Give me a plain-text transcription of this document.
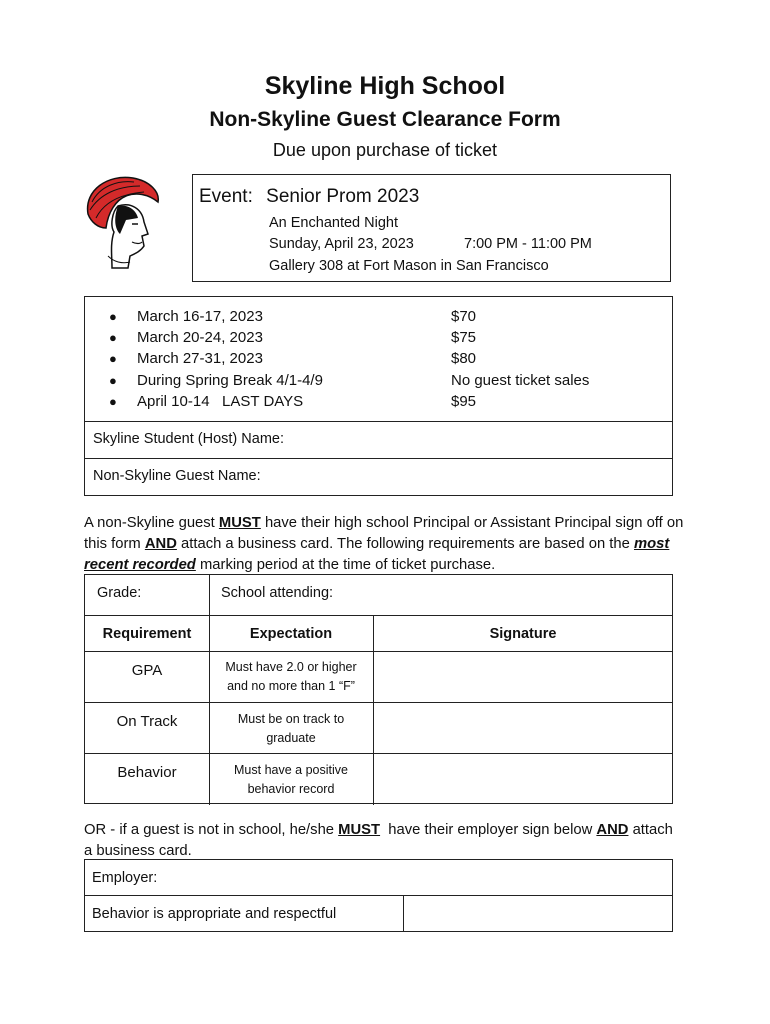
Skyline High School
Non-Skyline Guest Clearance Form
Due upon purchase of ticket
Event: Senior Prom 2023
An Enchanted Night
Sunday, April 23, 2023	7:00 PM - 11:00 PM
Gallery 308 at Fort Mason in San Francisco
● March 16-17, 2023	$70
● March 20-24, 2023	$75
● March 27-31, 2023	$80
● During Spring Break 4/1-4/9	No guest ticket sales
● April 10-14   LAST DAYS	$95
Skyline Student (Host) Name:
Non-Skyline Guest Name:
A non-Skyline guest MUST have their high school Principal or Assistant Principal sign off on this form AND attach a business card. The following requirements are based on the most recent recorded marking period at the time of ticket purchase.
Grade:	School attending:
Requirement	Expectation	Signature
GPA	Must have 2.0 or higher
and no more than 1 “F”
On Track	Must be on track to
graduate
Behavior	Must have a positive
behavior record
OR - if a guest is not in school, he/she MUST  have their employer sign below AND attach a business card.
Employer:
Behavior is appropriate and respectful
